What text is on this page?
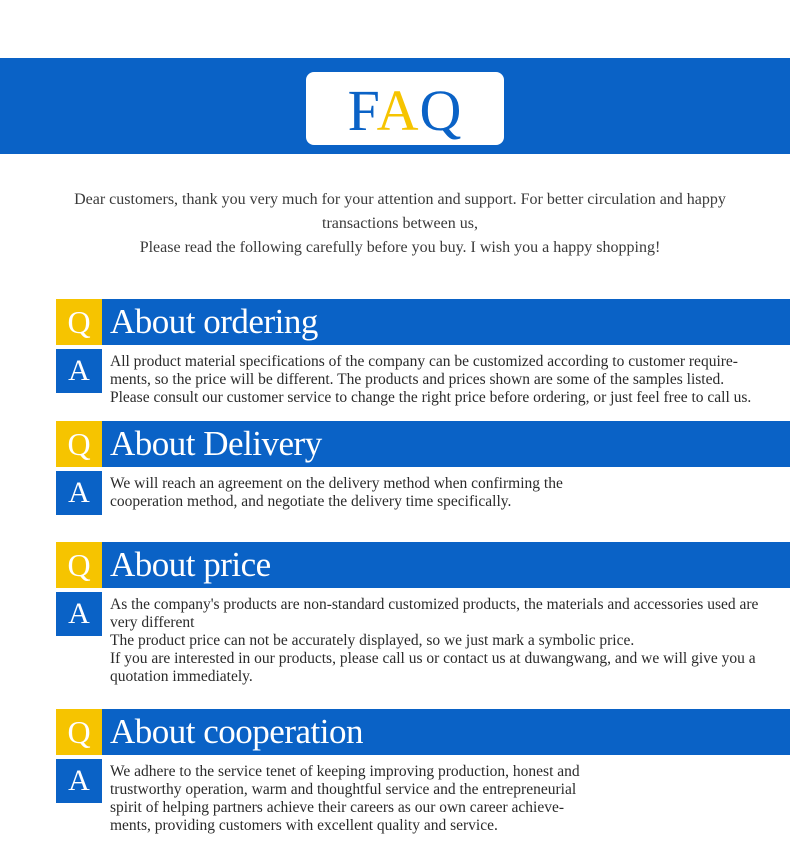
FAQ
Dear customers, thank you very much for your attention and support. For better circulation and happy
transactions between us,
Please read the following carefully before you buy. I wish you a happy shopping!
Q About ordering
A	All product material specifications of the company can be customized according to customer require-
ments, so the price will be different. The products and prices shown are some of the samples listed.
Please consult our customer service to change the right price before ordering, or just feel free to call us.
Q About Delivery
A	We will reach an agreement on the delivery method when confirming the
cooperation method, and negotiate the delivery time specifically.
Q About price
A	As the company's products are non-standard customized products, the materials and accessories used are
very different
The product price can not be accurately displayed, so we just mark a symbolic price.
If you are interested in our products, please call us or contact us at duwangwang, and we will give you a
quotation immediately.
Q About cooperation
A	We adhere to the service tenet of keeping improving production, honest and
trustworthy operation, warm and thoughtful service and the entrepreneurial
spirit of helping partners achieve their careers as our own career achieve-
ments, providing customers with excellent quality and service.
